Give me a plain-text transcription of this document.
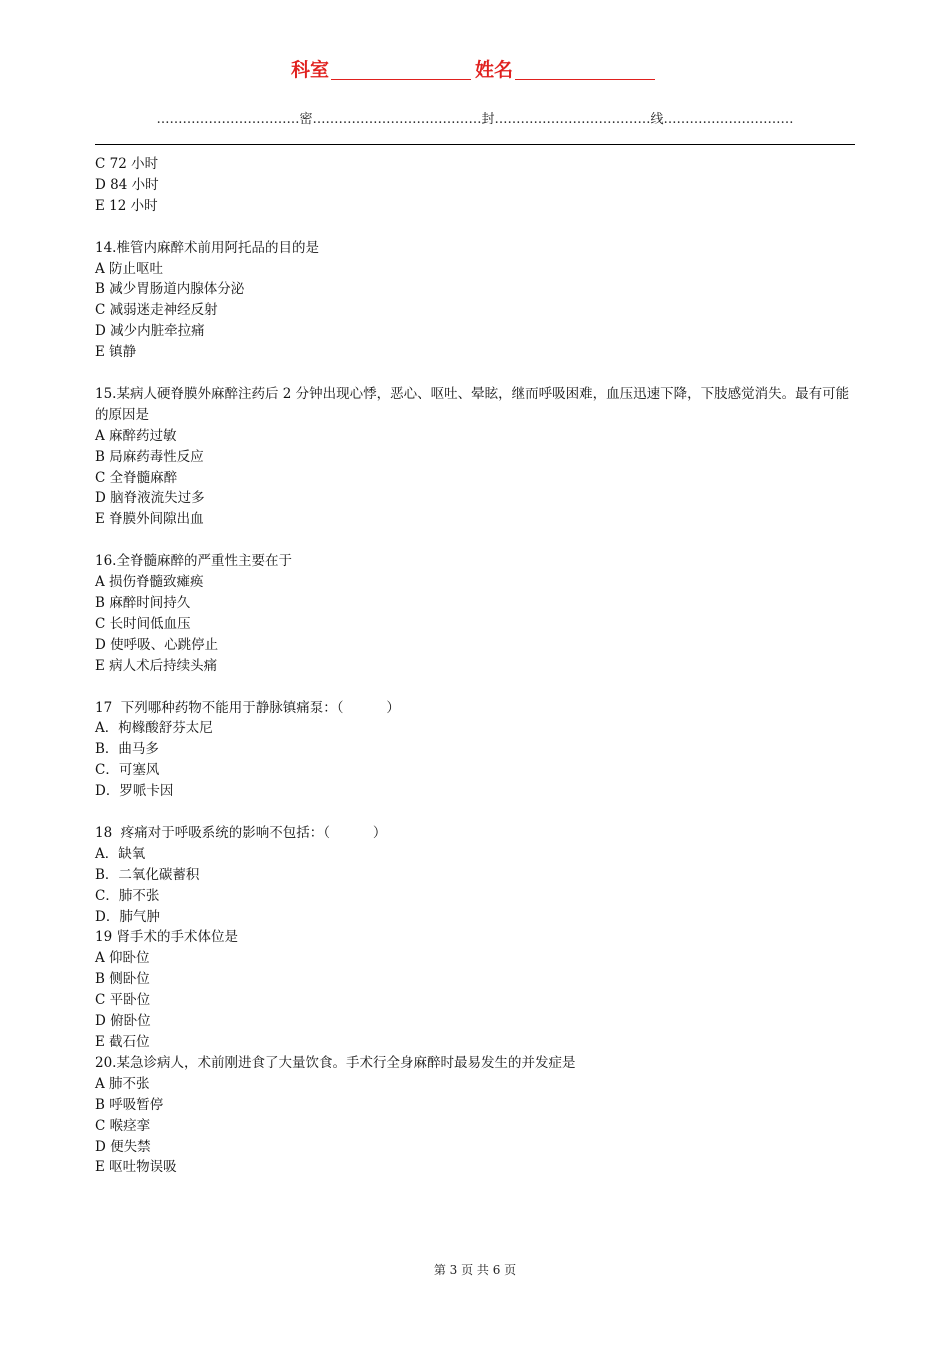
科室	姓名
……………………………密…………………………………封………………………………线…………………………
C 72 小时
D 84 小时
E 12 小时
14.椎管内麻醉术前用阿托品的目的是
A 防止呕吐
B 减少胃肠道内腺体分泌
C 减弱迷走神经反射
D 减少内脏牵拉痛
E 镇静
15.某病人硬脊膜外麻醉注药后 2 分钟出现心悸，恶心、呕吐、晕眩，继而呼吸困难，血压迅速下降，下肢感觉消失。最有可能的原因是
A 麻醉药过敏
B 局麻药毒性反应
C 全脊髓麻醉
D 脑脊液流失过多
E 脊膜外间隙出血
16.全脊髓麻醉的严重性主要在于
A 损伤脊髓致瘫痪
B 麻醉时间持久
C 长时间低血压
D 使呼吸、心跳停止
E 病人术后持续头痛
17  下列哪种药物不能用于静脉镇痛泵：（          ）
A．枸橼酸舒芬太尼
B．曲马多
C．可塞风
D．罗哌卡因
18  疼痛对于呼吸系统的影响不包括：（          ）
A．缺氧
B．二氧化碳蓄积
C．肺不张
D．肺气肿
19 肾手术的手术体位是
A 仰卧位
B 侧卧位
C 平卧位
D 俯卧位
E 截石位
20.某急诊病人，术前刚进食了大量饮食。手术行全身麻醉时最易发生的并发症是
A 肺不张
B 呼吸暂停
C 喉痉挛
D 便失禁
E 呕吐物误吸
第 3 页 共 6 页
